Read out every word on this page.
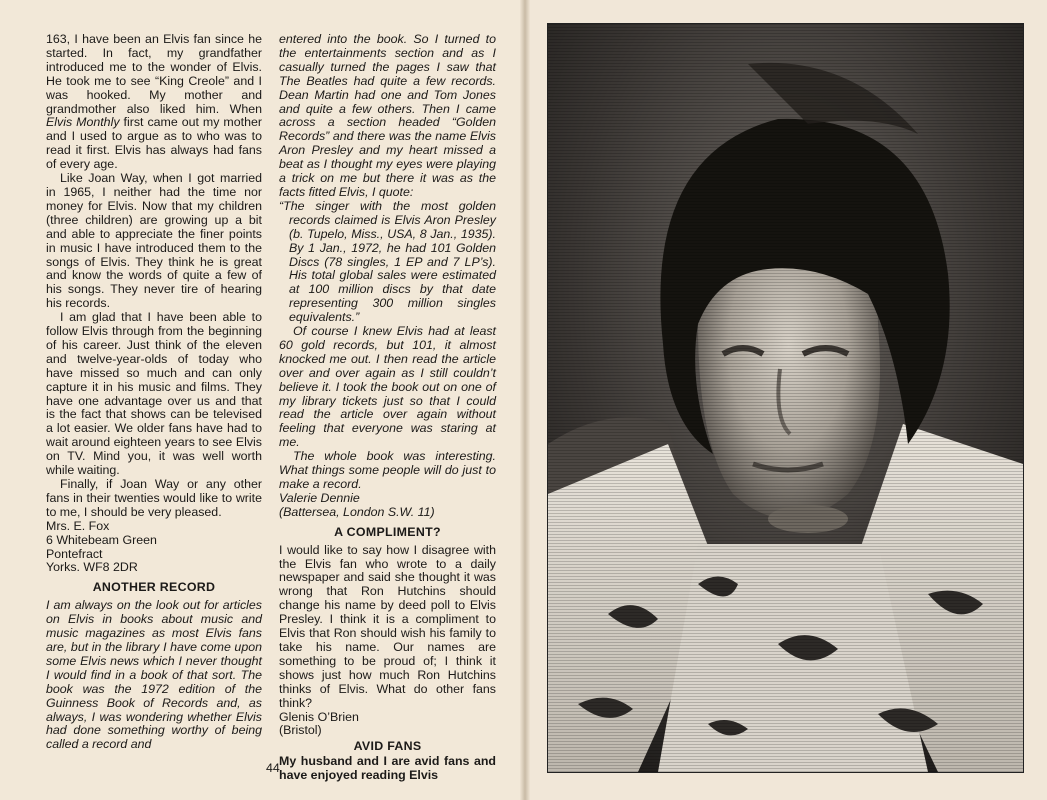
163, I have been an Elvis fan since he started. In fact, my grandfather introduced me to the wonder of Elvis. He took me to see “King Creole” and I was hooked. My mother and grandmother also liked him. When Elvis Monthly first came out my mother and I used to argue as to who was to read it first. Elvis has always had fans of every age.

Like Joan Way, when I got married in 1965, I neither had the time nor money for Elvis. Now that my children (three children) are growing up a bit and able to appreciate the finer points in music I have introduced them to the songs of Elvis. They think he is great and know the words of quite a few of his songs. They never tire of hearing his records.

I am glad that I have been able to follow Elvis through from the beginning of his career. Just think of the eleven and twelve-year-olds of today who have missed so much and can only capture it in his music and films. They have one advantage over us and that is the fact that shows can be televised a lot easier. We older fans have had to wait around eighteen years to see Elvis on TV. Mind you, it was well worth while waiting.

Finally, if Joan Way or any other fans in their twenties would like to write to me, I should be very pleased.

Mrs. E. Fox
6 Whitebeam Green
Pontefract
Yorks. WF8 2DR
ANOTHER RECORD

I am always on the look out for articles on Elvis in books about music and music magazines as most Elvis fans are, but in the library I have come upon some Elvis news which I never thought I would find in a book of that sort. The book was the 1972 edition of the Guinness Book of Records and, as always, I was wondering whether Elvis had done something worthy of being called a record and

entered into the book. So I turned to the entertainments section and as I casually turned the pages I saw that The Beatles had quite a few records. Dean Martin had one and Tom Jones and quite a few others. Then I came across a section headed “Golden Records” and there was the name Elvis Aron Presley and my heart missed a beat as I thought my eyes were playing a trick on me but there it was as the facts fitted Elvis, I quote:

“The singer with the most golden records claimed is Elvis Aron Presley (b. Tupelo, Miss., USA, 8 Jan., 1935). By 1 Jan., 1972, he had 101 Golden Discs (78 singles, 1 EP and 7 LP’s). His total global sales were estimated at 100 million discs by that date representing 300 million singles equivalents.”

Of course I knew Elvis had at least 60 gold records, but 101, it almost knocked me out. I then read the article over and over again as I still couldn’t believe it. I took the book out on one of my library tickets just so that I could read the article over again without feeling that everyone was staring at me.

The whole book was interesting. What things some people will do just to make a record.

Valerie Dennie
(Battersea, London S.W. 11)
A COMPLIMENT?

I would like to say how I disagree with the Elvis fan who wrote to a daily newspaper and said she thought it was wrong that Ron Hutchins should change his name by deed poll to Elvis Presley. I think it is a compliment to Elvis that Ron should wish his family to take his name. Our names are something to be proud of; I think it shows just how much Ron Hutchins thinks of Elvis. What do other fans think?

Glenis O’Brien
(Bristol)
AVID FANS

My husband and I are avid fans and have enjoyed reading Elvis

44
